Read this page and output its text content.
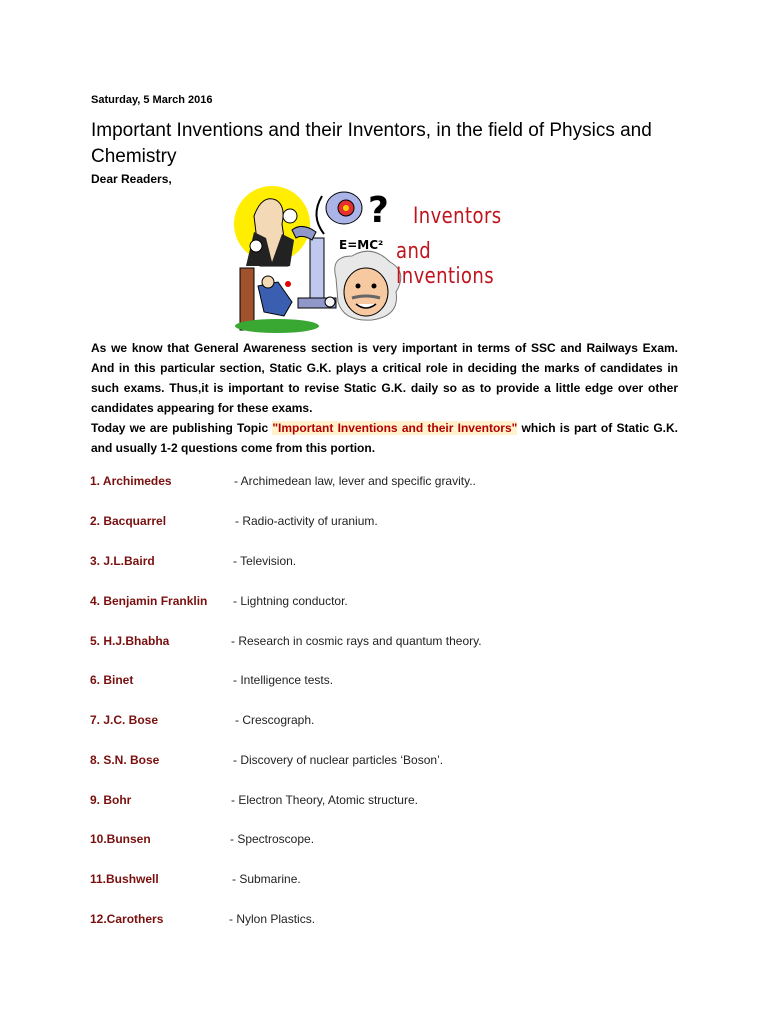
Saturday, 5 March 2016
Important Inventions and their Inventors, in the field of Physics and Chemistry
Dear Readers,
?
E=MC²
Inventors
and Inventions
As we know that General Awareness section is very important in terms of SSC and Railways Exam. And in this particular section, Static G.K. plays a critical role in deciding the marks of candidates in such exams. Thus,it is important to revise Static G.K. daily so as to provide a little edge over other candidates appearing for these exams.
Today we are publishing Topic "Important Inventions and their Inventors" which is part of Static G.K. and usually 1-2 questions come from this portion.
1. Archimedes	- Archimedean law, lever and specific gravity..
2. Bacquarrel	- Radio-activity of uranium.
3. J.L.Baird	- Television.
4. Benjamin Franklin - Lightning conductor.
5. H.J.Bhabha	- Research in cosmic rays and quantum theory.
6. Binet	- Intelligence tests.
7. J.C. Bose	- Crescograph.
8. S.N. Bose	- Discovery of nuclear particles ‘Boson’.
9. Bohr	- Electron Theory, Atomic structure.
10.Bunsen	- Spectroscope.
11.Bushwell	- Submarine.
12.Carothers	- Nylon Plastics.
